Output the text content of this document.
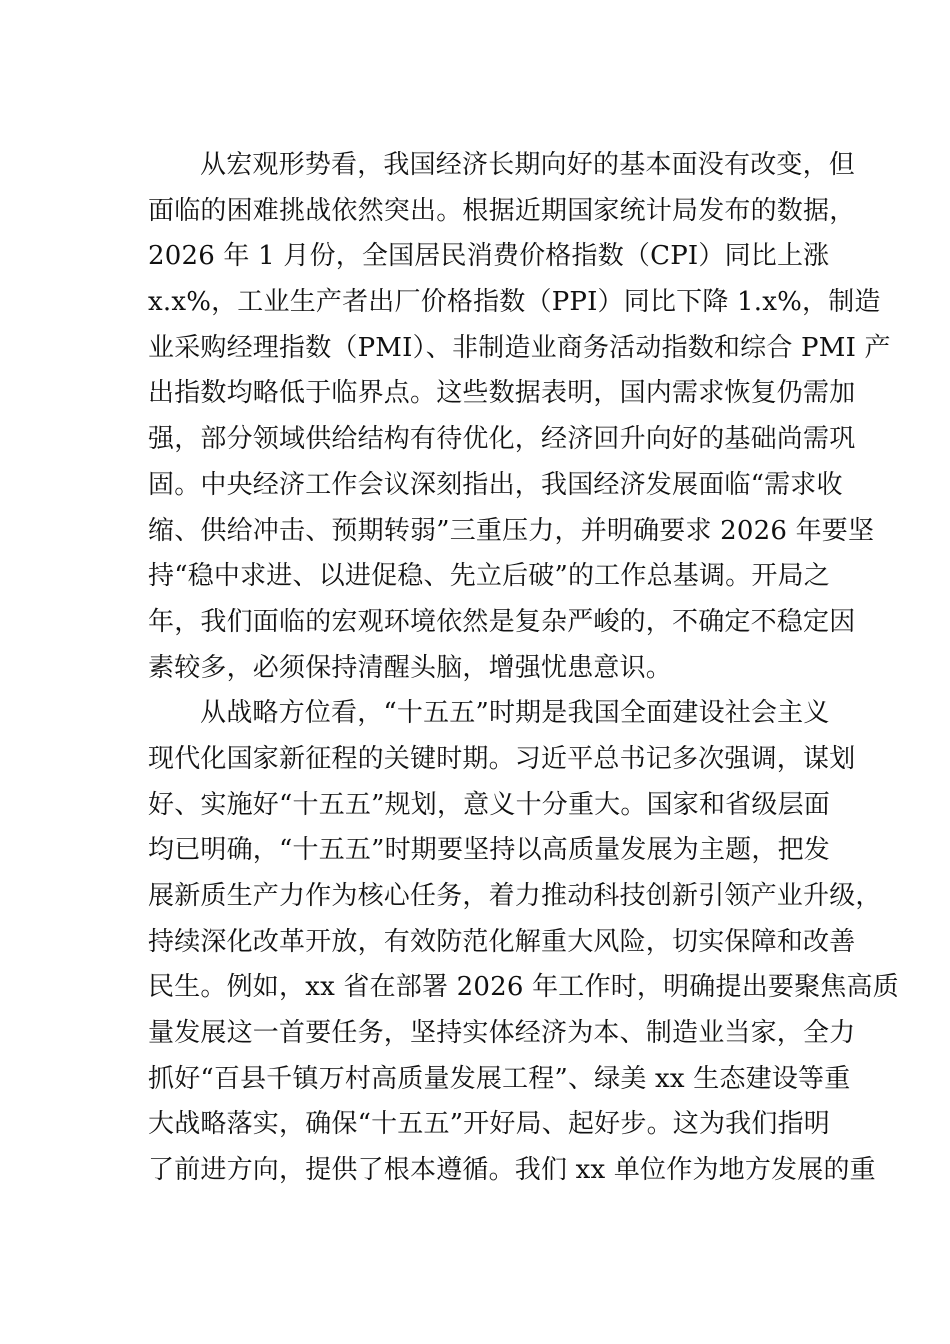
从宏观形势看，我国经济长期向好的基本面没有改变，但
面临的困难挑战依然突出。根据近期国家统计局发布的数据，
2026 年 1 月份，全国居民消费价格指数（CPI）同比上涨
x.x%，工业生产者出厂价格指数（PPI）同比下降 1.x%，制造
业采购经理指数（PMI）、非制造业商务活动指数和综合 PMI 产
出指数均略低于临界点。这些数据表明，国内需求恢复仍需加
强，部分领域供给结构有待优化，经济回升向好的基础尚需巩
固。中央经济工作会议深刻指出，我国经济发展面临“需求收
缩、供给冲击、预期转弱”三重压力，并明确要求 2026 年要坚
持“稳中求进、以进促稳、先立后破”的工作总基调。开局之
年，我们面临的宏观环境依然是复杂严峻的，不确定不稳定因
素较多，必须保持清醒头脑，增强忧患意识。
从战略方位看，“十五五”时期是我国全面建设社会主义
现代化国家新征程的关键时期。习近平总书记多次强调，谋划
好、实施好“十五五”规划，意义十分重大。国家和省级层面
均已明确，“十五五”时期要坚持以高质量发展为主题，把发
展新质生产力作为核心任务，着力推动科技创新引领产业升级，
持续深化改革开放，有效防范化解重大风险，切实保障和改善
民生。例如，xx 省在部署 2026 年工作时，明确提出要聚焦高质
量发展这一首要任务，坚持实体经济为本、制造业当家，全力
抓好“百县千镇万村高质量发展工程”、绿美 xx 生态建设等重
大战略落实，确保“十五五”开好局、起好步。这为我们指明
了前进方向，提供了根本遵循。我们 xx 单位作为地方发展的重
